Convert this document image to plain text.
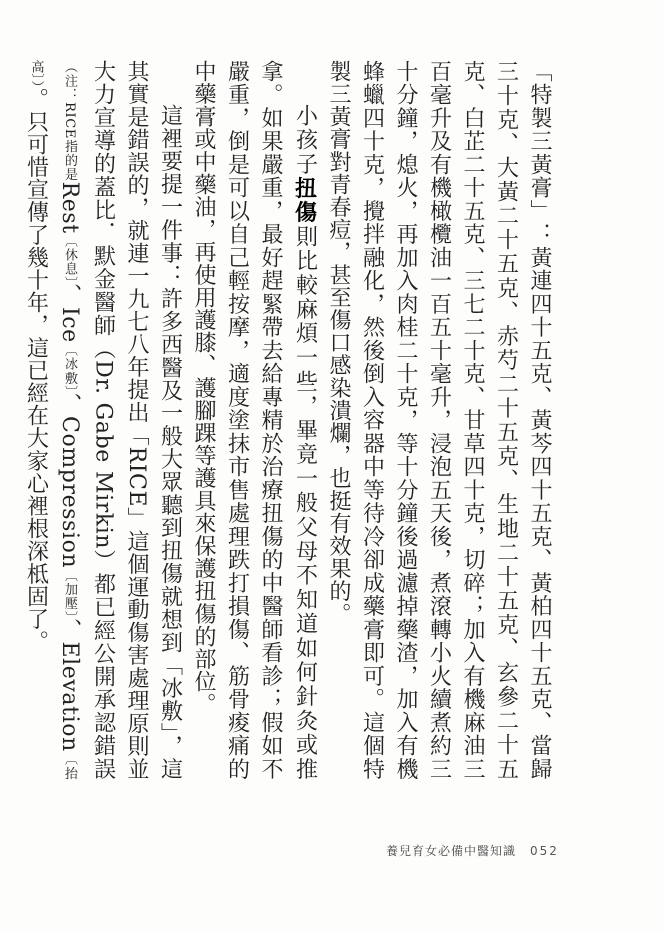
「特製三黃膏」：黃連四十五克、黃芩四十五克、黃柏四十五克、當歸三十克、大黃二十五克、赤芍二十五克、生地二十五克、玄參二十五克、白芷二十五克、三七二十克、甘草四十克，切碎；加入有機麻油三百毫升及有機橄欖油一百五十毫升，浸泡五天後，煮滾轉小火續煮約三十分鐘，熄火，再加入肉桂二十克，等十分鐘後過濾掉藥渣，加入有機蜂蠟四十克，攪拌融化，然後倒入容器中等待冷卻成藥膏即可。這個特製三黃膏對青春痘，甚至傷口感染潰爛，也挺有效果的。

小孩子扭傷則比較麻煩一些，畢竟一般父母不知道如何針灸或推拿。如果嚴重，最好趕緊帶去給專精於治療扭傷的中醫師看診；假如不嚴重，倒是可以自己輕按摩，適度塗抹市售處理跌打損傷、筋骨痠痛的中藥膏或中藥油，再使用護膝、護腳踝等護具來保護扭傷的部位。

這裡要提一件事：許多西醫及一般大眾聽到扭傷就想到「冰敷」，這其實是錯誤的，就連一九七八年提出「RICE」這個運動傷害處理原則並大力宣導的蓋比．默金醫師（Dr. Gabe Mirkin）都已經公開承認錯誤（注：RICE指的是Rest〔休息〕、Ice〔冰敷〕、Compression〔加壓〕、Elevation〔抬高〕）。只可惜宣傳了幾十年，這已經在大家心裡根深柢固了。

養兒育女必備中醫知識 052
